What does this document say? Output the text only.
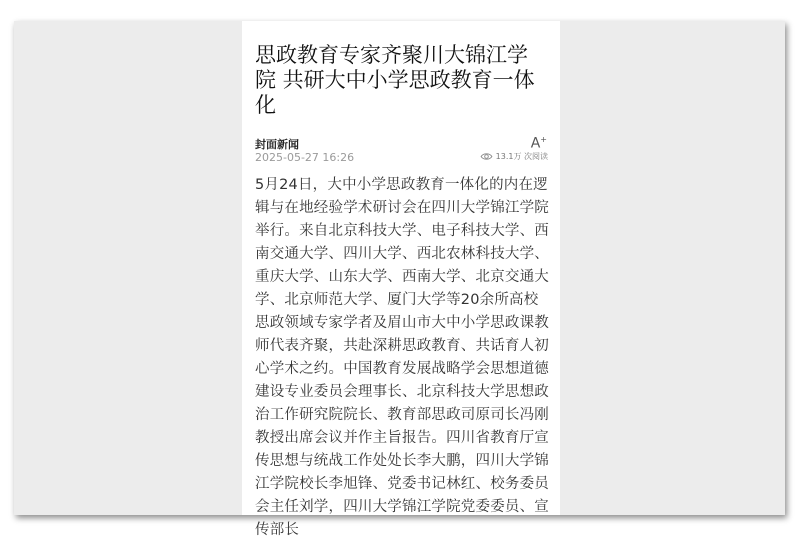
思政教育专家齐聚川大锦江学院 共研大中小学思政教育一体化
封面新闻
2025-05-27 16:26
A+
13.1万 次阅读

5月24日，大中小学思政教育一体化的内在逻辑与在地经验学术研讨会在四川大学锦江学院举行。来自北京科技大学、电子科技大学、西南交通大学、四川大学、西北农林科技大学、重庆大学、山东大学、西南大学、北京交通大学、北京师范大学、厦门大学等20余所高校思政领域专家学者及眉山市大中小学思政课教师代表齐聚，共赴深耕思政教育、共话育人初心学术之约。中国教育发展战略学会思想道德建设专业委员会理事长、北京科技大学思想政治工作研究院院长、教育部思政司原司长冯刚教授出席会议并作主旨报告。四川省教育厅宣传思想与统战工作处处长李大鹏，四川大学锦江学院校长李旭锋、党委书记林红、校务委员会主任刘学，四川大学锦江学院党委委员、宣传部长
